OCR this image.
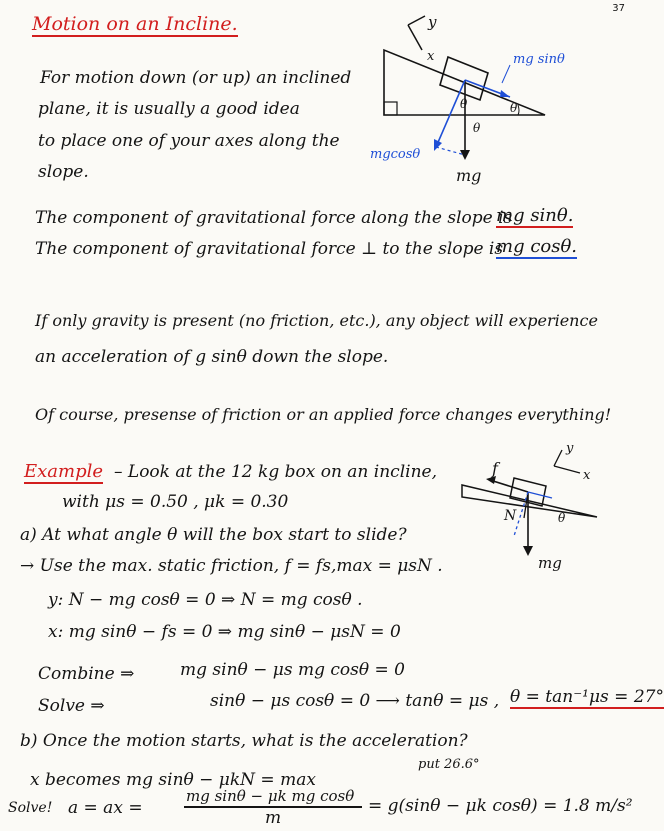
37
Motion on an Incline.
For motion down (or up) an inclined
plane, it is usually a good idea
to place one of your axes along the
slope.
y
x	mg sinθ
mg
mgcosθ
θ
θ
θ
The component of gravitational force along the slope is
mg sinθ.
The component of gravitational force ⊥ to the slope is
mg cosθ.
If only gravity is present (no friction, etc.), any object will experience
an acceleration of g sinθ down the slope.
Of course, presense of friction or an applied force changes everything!
Example – Look at the 12 kg box on an incline,
with μs = 0.50 , μk = 0.30
y
x
f
N
mg
θ
a) At what angle θ will the box start to slide?
→ Use the max. static friction, f = fs,max = μsN .
y: N − mg cosθ = 0 ⇒ N = mg cosθ .
x: mg sinθ − fs = 0 ⇒ mg sinθ − μsN = 0
Combine ⇒	mg sinθ − μs mg cosθ = 0
Solve ⇒	sinθ − μs cosθ = 0 ⟶ tanθ = μs , θ = tan⁻¹μs = 27°
b) Once the motion starts, what is the acceleration?
put 26.6°
x becomes mg sinθ − μkN = max
Solve! a = ax =
mg sinθ − μk mg cosθ
m
= g(sinθ − μk cosθ) = 1.8 m/s²
